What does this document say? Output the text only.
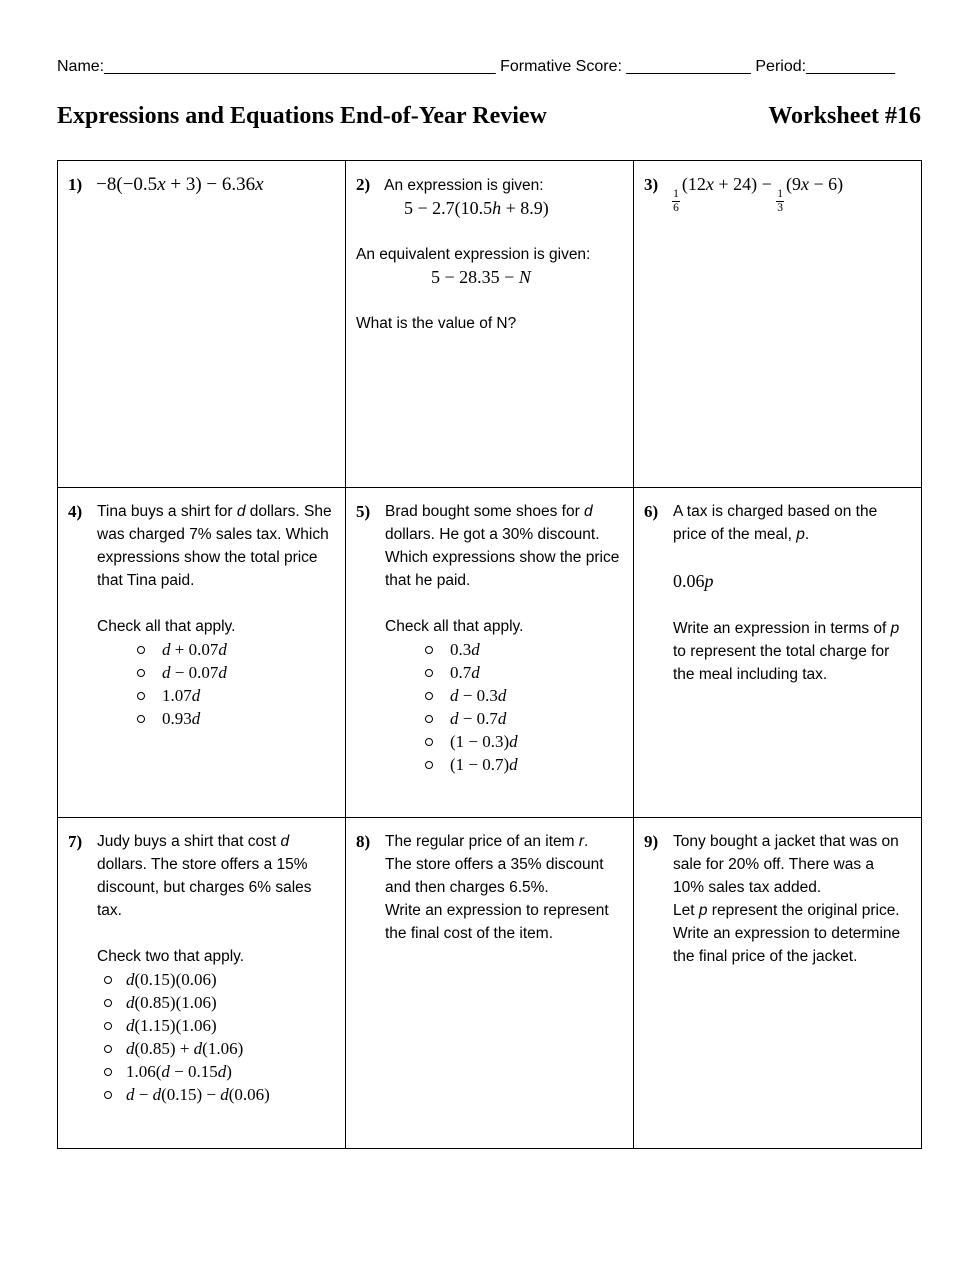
Name:____________________________________________ Formative Score: ______________ Period:__________
Expressions and Equations End-of-Year Review	Worksheet #16
1) −8(−0.5x + 3) − 6.36x	2) An expression is given:

5 − 2.7(10.5h + 8.9)

An equivalent expression is given:

5 − 28.35 − N

What is the value of N?

3)
$\frac{1}{6}$
(12x + 24) −
$\frac{1}{3}$
(9x − 6)

4) Tina buys a shirt for d dollars. She was charged 7% sales tax. Which expressions show the total price that Tina paid.

Check all that apply.

d + 0.07d
d − 0.07d
1.07d
0.93d

5) Brad bought some shoes for d dollars. He got a 30% discount. Which expressions show the price that he paid.

Check all that apply.

0.3d
0.7d
d − 0.3d
d − 0.7d
(1 − 0.3)d
(1 − 0.7)d

6) A tax is charged based on the price of the meal, p.

0.06p

Write an expression in terms of p to represent the total charge for the meal including tax.

7) Judy buys a shirt that cost d dollars. The store offers a 15% discount, but charges 6% sales tax.

Check two that apply.

d(0.15)(0.06)
d(0.85)(1.06)
d(1.15)(1.06)
d(0.85) + d(1.06)
1.06(d − 0.15d)
d − d(0.15) − d(0.06)

8) The regular price of an item r.

The store offers a 35% discount and then charges 6.5%.

Write an expression to represent the final cost of the item.

9) Tony bought a jacket that was on sale for 20% off. There was a 10% sales tax added.

Let p represent the original price. Write an expression to determine the final price of the jacket.
